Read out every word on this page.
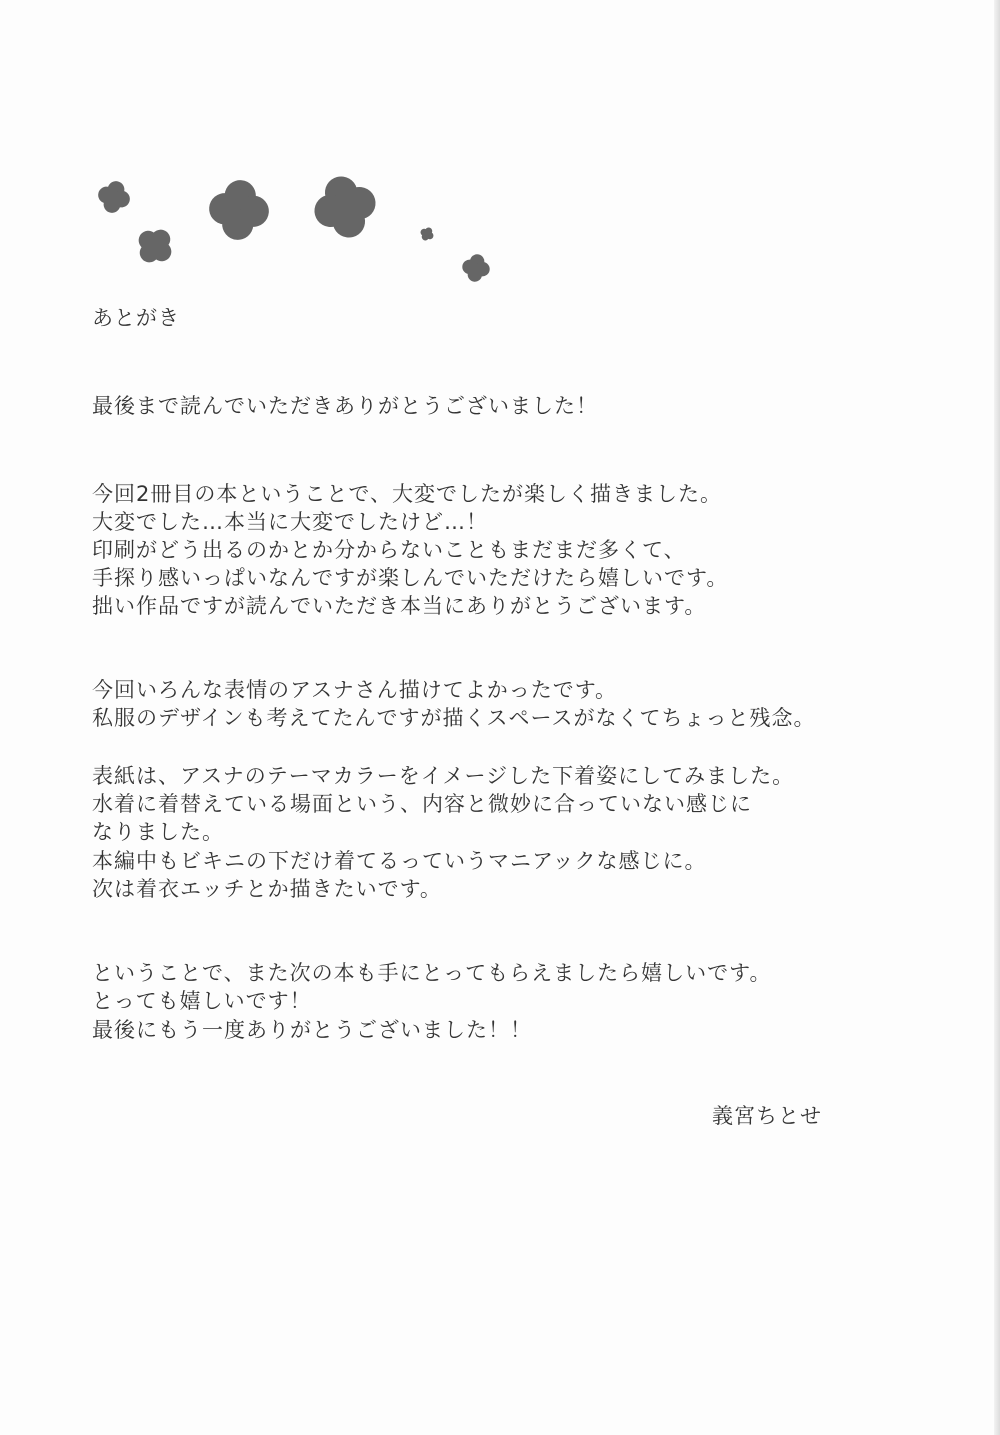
あとがき
最後まで読んでいただきありがとうございました！
今回2冊目の本ということで、大変でしたが楽しく描きました。
大変でした…本当に大変でしたけど…！
印刷がどう出るのかとか分からないこともまだまだ多くて、
手探り感いっぱいなんですが楽しんでいただけたら嬉しいです。
拙い作品ですが読んでいただき本当にありがとうございます。
今回いろんな表情のアスナさん描けてよかったです。
私服のデザインも考えてたんですが描くスペースがなくてちょっと残念。
表紙は、アスナのテーマカラーをイメージした下着姿にしてみました。
水着に着替えている場面という、内容と微妙に合っていない感じに
なりました。
本編中もビキニの下だけ着てるっていうマニアックな感じに。
次は着衣エッチとか描きたいです。
ということで、また次の本も手にとってもらえましたら嬉しいです。
とっても嬉しいです！
最後にもう一度ありがとうございました！！
義宮ちとせ
